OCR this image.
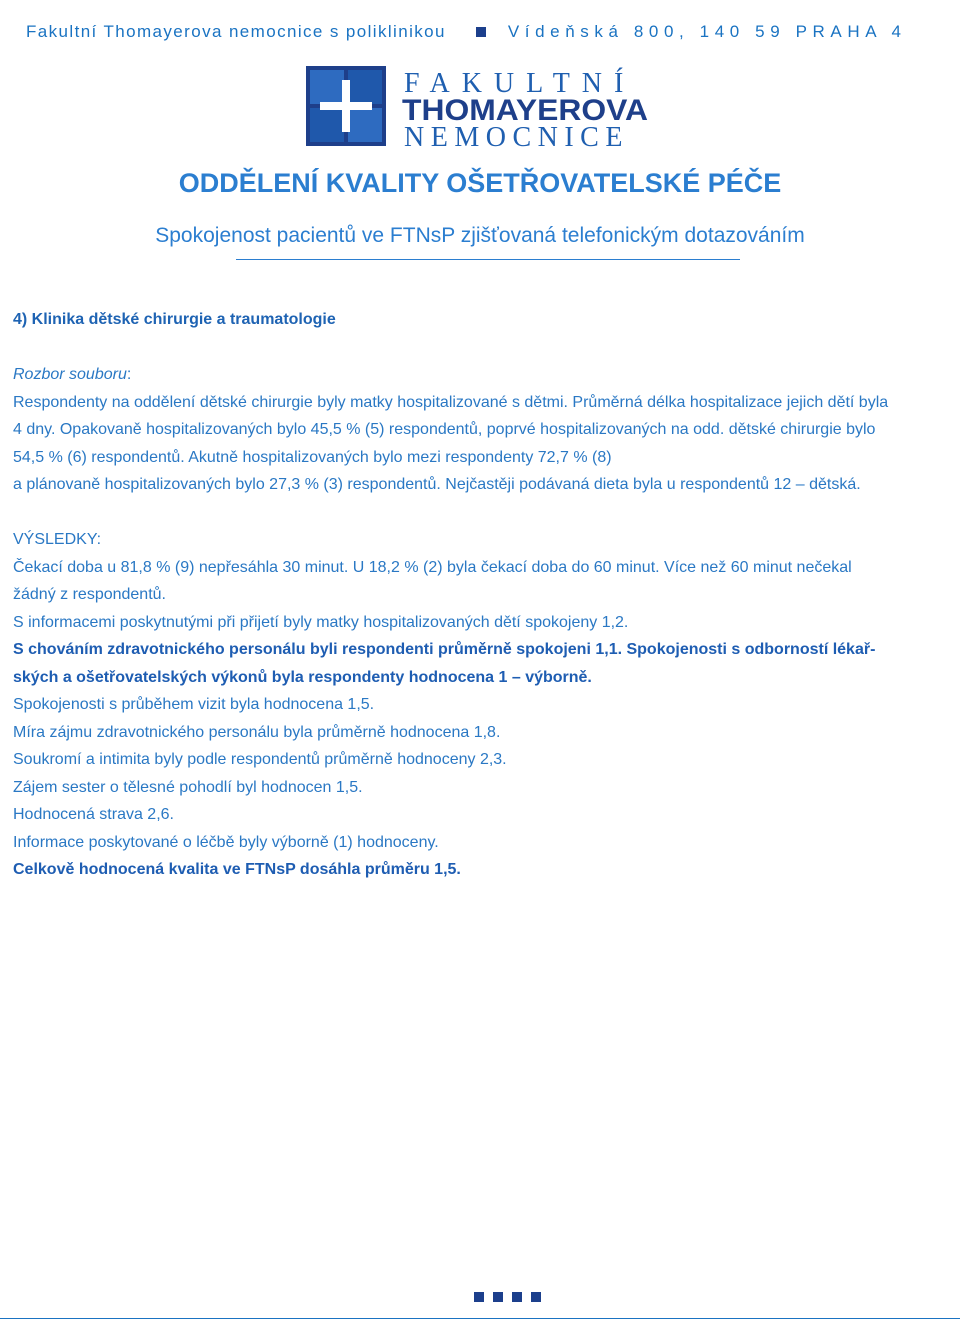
Fakultní Thomayerova nemocnice s poliklinikou	Vídeňská 800, 140 59 PRAHA 4
FAKULTNÍ
THOMAYEROVA
NEMOCNICE
ODDĚLENÍ KVALITY OŠETŘOVATELSKÉ PÉČE
Spokojenost pacientů ve FTNsP zjišťovaná telefonickým dotazováním
4) Klinika dětské chirurgie a traumatologie
Rozbor souboru:
Respondenty na oddělení dětské chirurgie byly matky hospitalizované s dětmi. Průměrná délka hospitalizace jejich dětí byla
4 dny. Opakovaně hospitalizovaných bylo 45,5 % (5) respondentů, poprvé hospitalizovaných na odd. dětské chirurgie bylo
54,5 % (6) respondentů. Akutně hospitalizovaných bylo mezi respondenty 72,7 % (8)
a plánovaně hospitalizovaných bylo 27,3 % (3) respondentů. Nejčastěji podávaná dieta byla u respondentů 12 – dětská.
VÝSLEDKY:
Čekací doba u 81,8 % (9) nepřesáhla 30 minut. U 18,2 % (2) byla čekací doba do 60 minut. Více než 60 minut nečekal
žádný z respondentů.
S informacemi poskytnutými při přijetí byly matky hospitalizovaných dětí spokojeny 1,2.
S chováním zdravotnického personálu byli respondenti průměrně spokojeni 1,1. Spokojenosti s odborností lékař-
ských a ošetřovatelských výkonů byla respondenty hodnocena 1 – výborně.
Spokojenosti s průběhem vizit byla hodnocena 1,5.
Míra zájmu zdravotnického personálu byla průměrně hodnocena 1,8.
Soukromí a intimita byly podle respondentů průměrně hodnoceny 2,3.
Zájem sester o tělesné pohodlí byl hodnocen 1,5.
Hodnocená strava 2,6.
Informace poskytované o léčbě byly výborně (1) hodnoceny.
Celkově hodnocená kvalita ve FTNsP dosáhla průměru 1,5.
